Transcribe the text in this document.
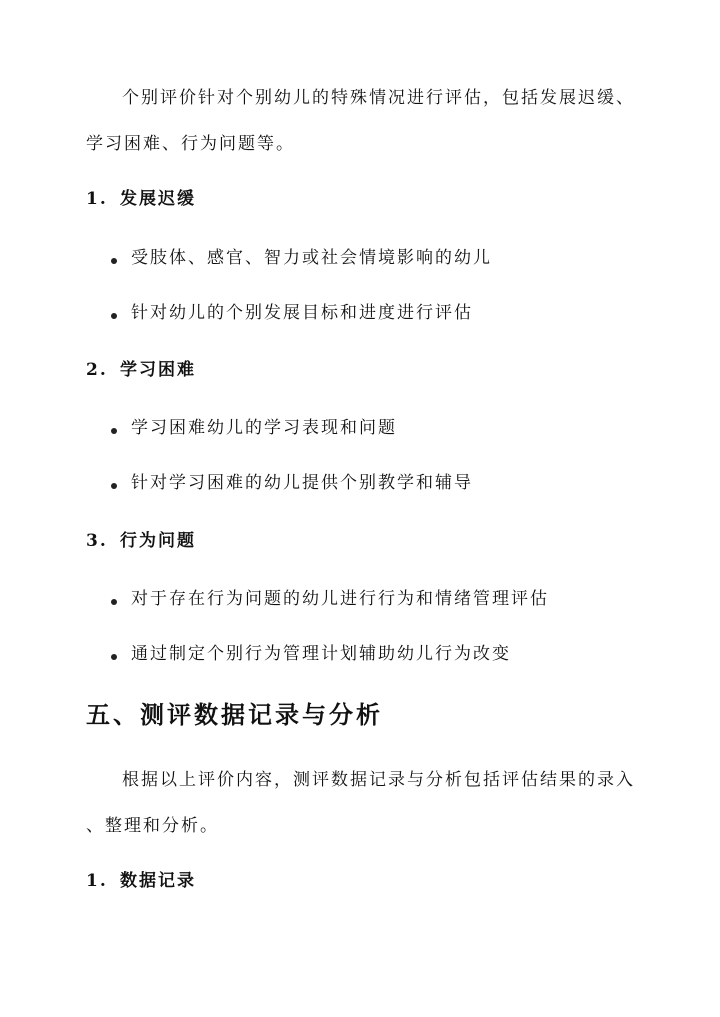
个别评价针对个别幼儿的特殊情况进行评估，包括发展迟缓、
学习困难、行为问题等。
1. 发展迟缓
受肢体、感官、智力或社会情境影响的幼儿
针对幼儿的个别发展目标和进度进行评估
2. 学习困难
学习困难幼儿的学习表现和问题
针对学习困难的幼儿提供个别教学和辅导
3. 行为问题
对于存在行为问题的幼儿进行行为和情绪管理评估
通过制定个别行为管理计划辅助幼儿行为改变
五、测评数据记录与分析
根据以上评价内容，测评数据记录与分析包括评估结果的录入
、整理和分析。
1. 数据记录
